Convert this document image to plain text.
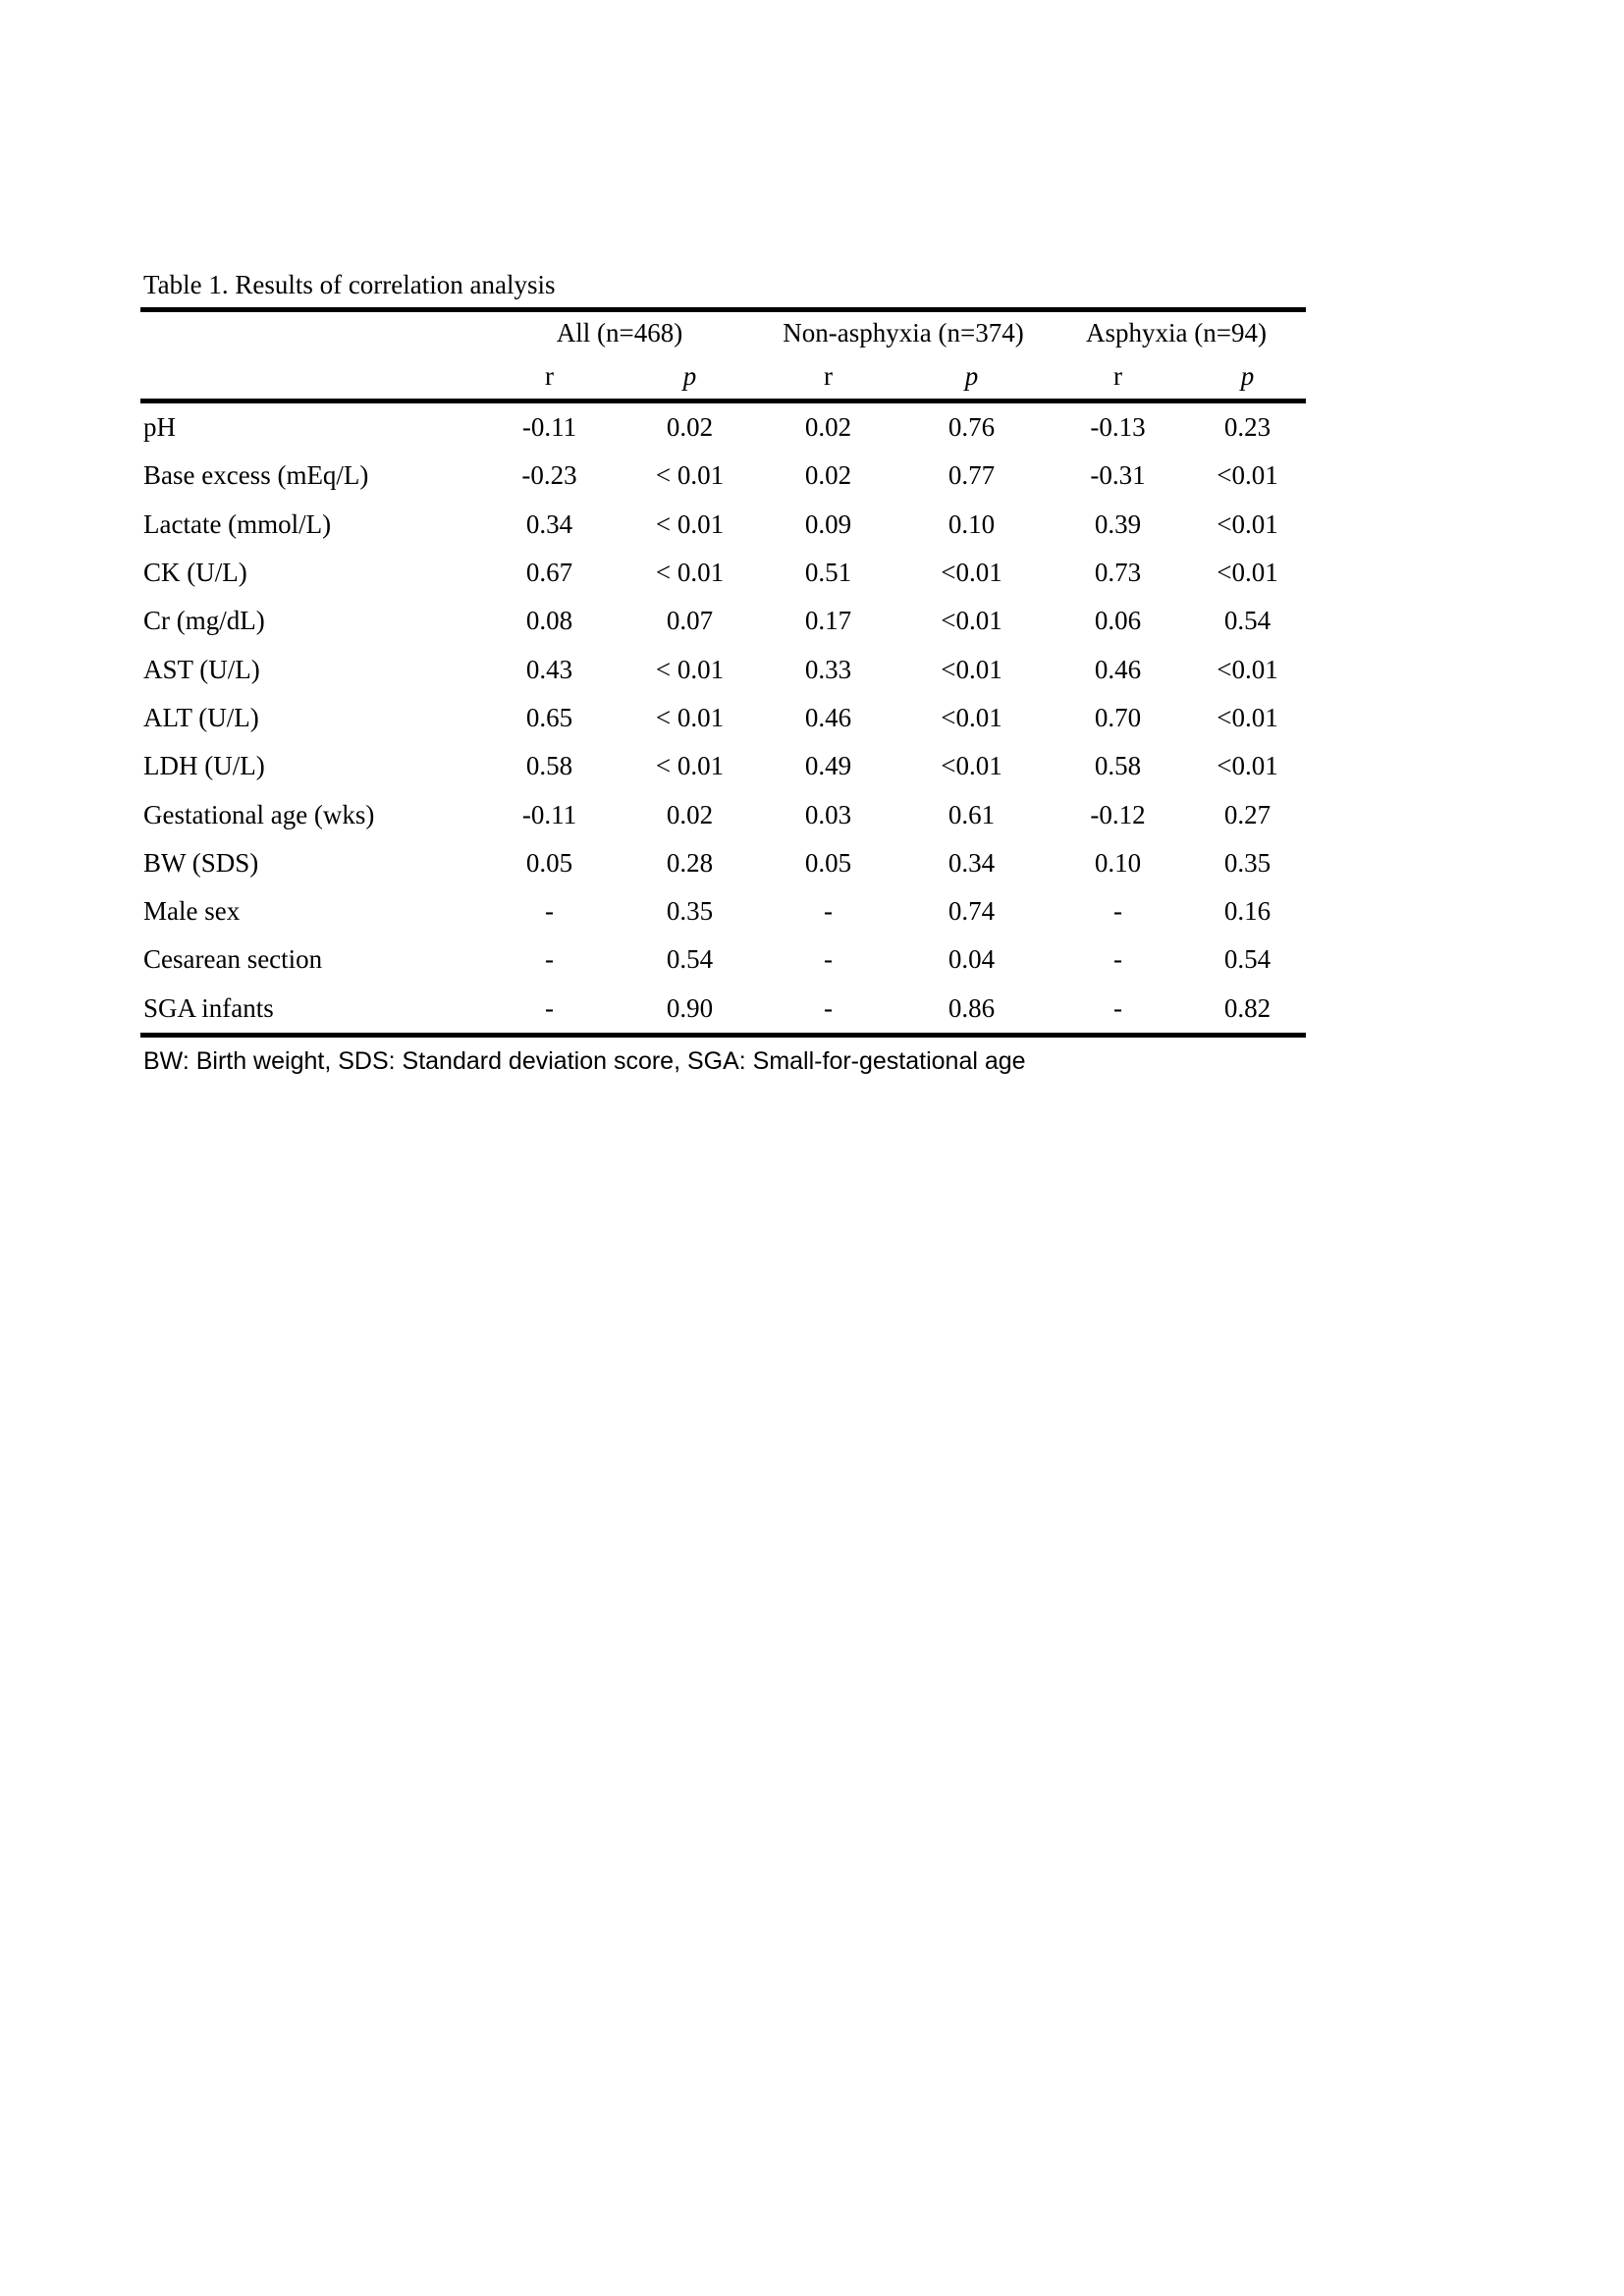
Table 1. Results of correlation analysis
	All (n=468)		Non-asphyxia (n=374)		Asphyxia (n=94)	
	r	p	r	p	r	p
pH	-0.11	0.02	0.02	0.76	-0.13	0.23
Base excess (mEq/L)	-0.23	< 0.01	0.02	0.77	-0.31	<0.01
Lactate (mmol/L)	0.34	< 0.01	0.09	0.10	0.39	<0.01
CK (U/L)	0.67	< 0.01	0.51	<0.01	0.73	<0.01
Cr (mg/dL)	0.08	0.07	0.17	<0.01	0.06	0.54
AST (U/L)	0.43	< 0.01	0.33	<0.01	0.46	<0.01
ALT (U/L)	0.65	< 0.01	0.46	<0.01	0.70	<0.01
LDH (U/L)	0.58	< 0.01	0.49	<0.01	0.58	<0.01
Gestational age (wks)	-0.11	0.02	0.03	0.61	-0.12	0.27
BW (SDS)	0.05	0.28	0.05	0.34	0.10	0.35
Male sex	-	0.35	-	0.74	-	0.16
Cesarean section	-	0.54	-	0.04	-	0.54
SGA infants	-	0.90	-	0.86	-	0.82
BW: Birth weight, SDS: Standard deviation score, SGA: Small-for-gestational age
